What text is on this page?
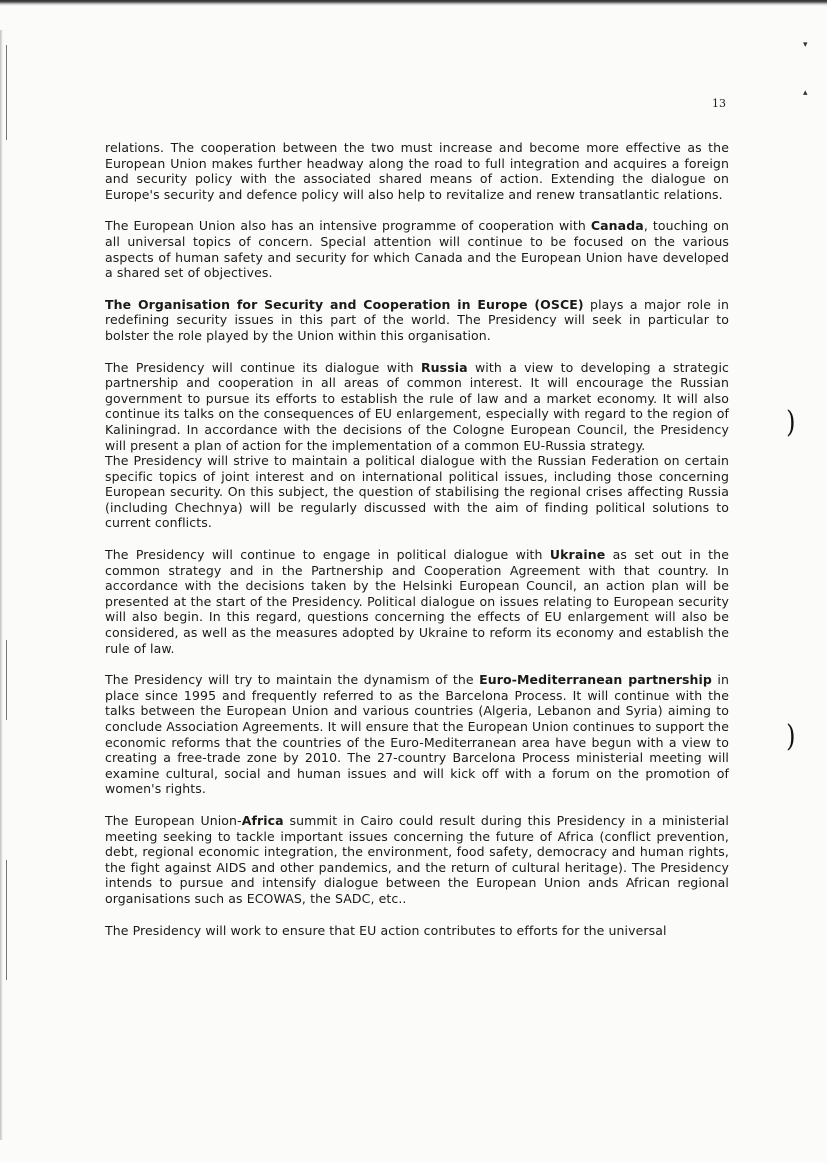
▾
▴
13
)
)

relations. The cooperation between the two must increase and become more effective as the European Union makes further headway along the road to full integration and acquires a foreign and security policy with the associated shared means of action. Extending the dialogue on Europe's security and defence policy will also help to revitalize and renew transatlantic relations.

The European Union also has an intensive programme of cooperation with Canada, touching on all universal topics of concern. Special attention will continue to be focused on the various aspects of human safety and security for which Canada and the European Union have developed a shared set of objectives.

The Organisation for Security and Cooperation in Europe (OSCE) plays a major role in redefining security issues in this part of the world. The Presidency will seek in particular to bolster the role played by the Union within this organisation.

The Presidency will continue its dialogue with Russia with a view to developing a strategic partnership and cooperation in all areas of common interest. It will encourage the Russian government to pursue its efforts to establish the rule of law and a market economy. It will also continue its talks on the consequences of EU enlargement, especially with regard to the region of Kaliningrad. In accordance with the decisions of the Cologne European Council, the Presidency will present a plan of action for the implementation of a common EU-Russia strategy.

The Presidency will strive to maintain a political dialogue with the Russian Federation on certain specific topics of joint interest and on international political issues, including those concerning European security. On this subject, the question of stabilising the regional crises affecting Russia (including Chechnya) will be regularly discussed with the aim of finding political solutions to current conflicts.

The Presidency will continue to engage in political dialogue with Ukraine as set out in the common strategy and in the Partnership and Cooperation Agreement with that country. In accordance with the decisions taken by the Helsinki European Council, an action plan will be presented at the start of the Presidency. Political dialogue on issues relating to European security will also begin. In this regard, questions concerning the effects of EU enlargement will also be considered, as well as the measures adopted by Ukraine to reform its economy and establish the rule of law.

The Presidency will try to maintain the dynamism of the Euro-Mediterranean partnership in place since 1995 and frequently referred to as the Barcelona Process. It will continue with the talks between the European Union and various countries (Algeria, Lebanon and Syria) aiming to conclude Association Agreements. It will ensure that the European Union continues to support the economic reforms that the countries of the Euro-Mediterranean area have begun with a view to creating a free-trade zone by 2010. The 27-country Barcelona Process ministerial meeting will examine cultural, social and human issues and will kick off with a forum on the promotion of women's rights.

The European Union-Africa summit in Cairo could result during this Presidency in a ministerial meeting seeking to tackle important issues concerning the future of Africa (conflict prevention, debt, regional economic integration, the environment, food safety, democracy and human rights, the fight against AIDS and other pandemics, and the return of cultural heritage). The Presidency intends to pursue and intensify dialogue between the European Union ands African regional organisations such as ECOWAS, the SADC, etc..

The Presidency will work to ensure that EU action contributes to efforts for the universal
